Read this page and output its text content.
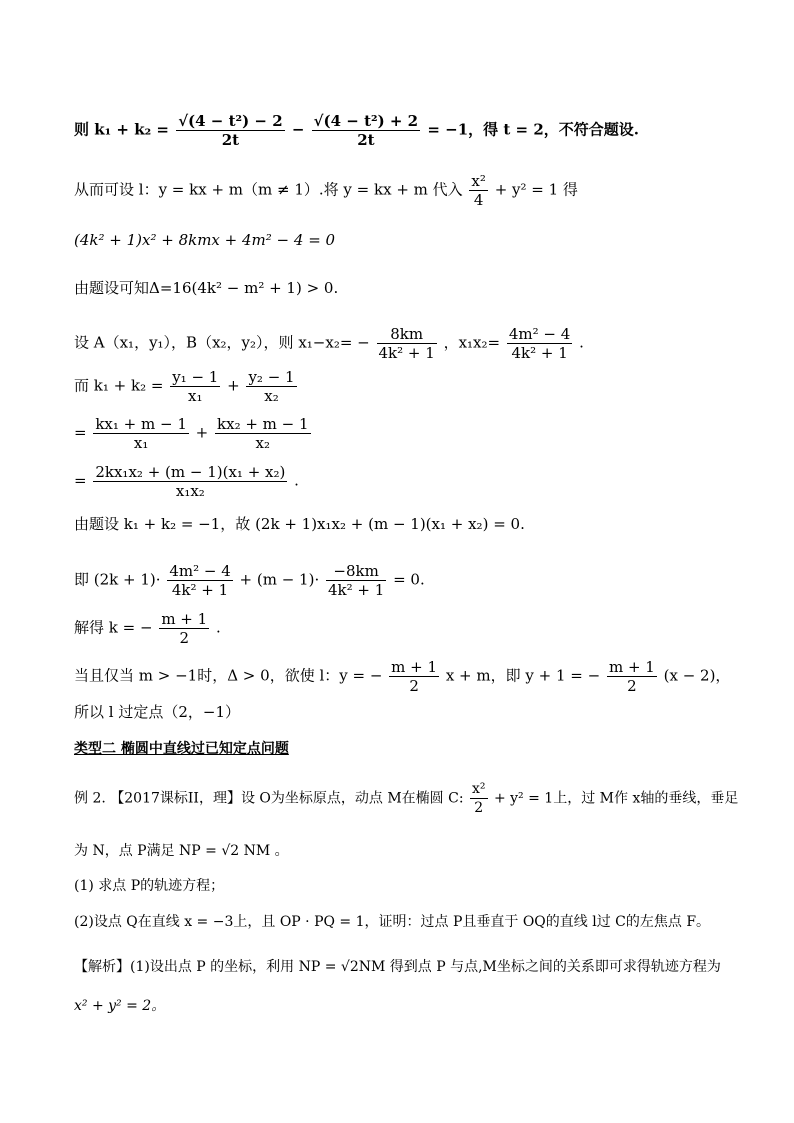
则 $k_1 + k_2 = \frac{\text{√(4 − t²) − 2}}{2t} - \frac{\text{√(4 − t²) + 2}}{2t} = -1$，得 t = 2，不符合题设.
从而可设 l：y = kx + m（m ≠ 1）.将 y = kx + m 代入 $\frac{\text{x²}}{4} + y^2 = 1$ 得
(4k² + 1)x² + 8kmx + 4m² − 4 = 0
由题设可知Δ=16(4k² − m² + 1) > 0.
设 A（x₁，y₁），B（x₂，y₂），则 $x_1-x_2= - \frac{8km}{\text{4k² + 1}}$ ，$x_1x_2= \frac{\text{4m² − 4}}{\text{4k² + 1}}$ .
而 $k_1 + k_2 = \frac{\text{y₁ − 1}}{\text{x₁}} + \frac{\text{y₂ − 1}}{\text{x₂}}$
= $\frac{\text{kx₁ + m − 1}}{\text{x₁}} + \frac{\text{kx₂ + m − 1}}{\text{x₂}}$
= $\frac{\text{2kx₁x₂ + (m − 1)(x₁ + x₂)}}{\text{x₁x₂}}$ .
由题设 k₁ + k₂ = −1，故 (2k + 1)x₁x₂ + (m − 1)(x₁ + x₂) = 0.
即 $(2k + 1)\cdot \frac{\text{4m² − 4}}{\text{4k² + 1}} + (m - 1)\cdot \frac{-8km}{\text{4k² + 1}} = 0$.
解得 k = − $\frac{m + 1}{2}$ .
当且仅当 m > −1时，Δ > 0，欲使 l：y = − $\frac{m + 1}{2}$ x + m，即 y + 1 = − $\frac{m + 1}{2} (x - 2)$，
所以 l 过定点（2，−1）
类型二 椭圆中直线过已知定点问题
例 2. 【2017课标II，理】设 O为坐标原点，动点 M在椭圆 C: $\frac{\text{x²}}{2} + y^2 = 1$上，过 M作 x轴的垂线，垂足
为 N，点 P满足 NP = √2 NM 。
(1) 求点 P的轨迹方程；
(2)设点 Q在直线 x = −3上，且 OP · PQ = 1，证明：过点 P且垂直于 OQ的直线 l过 C的左焦点 F。
【解析】(1)设出点 P 的坐标，利用 NP = √2NM 得到点 P 与点,M坐标之间的关系即可求得轨迹方程为
x² + y² = 2。
